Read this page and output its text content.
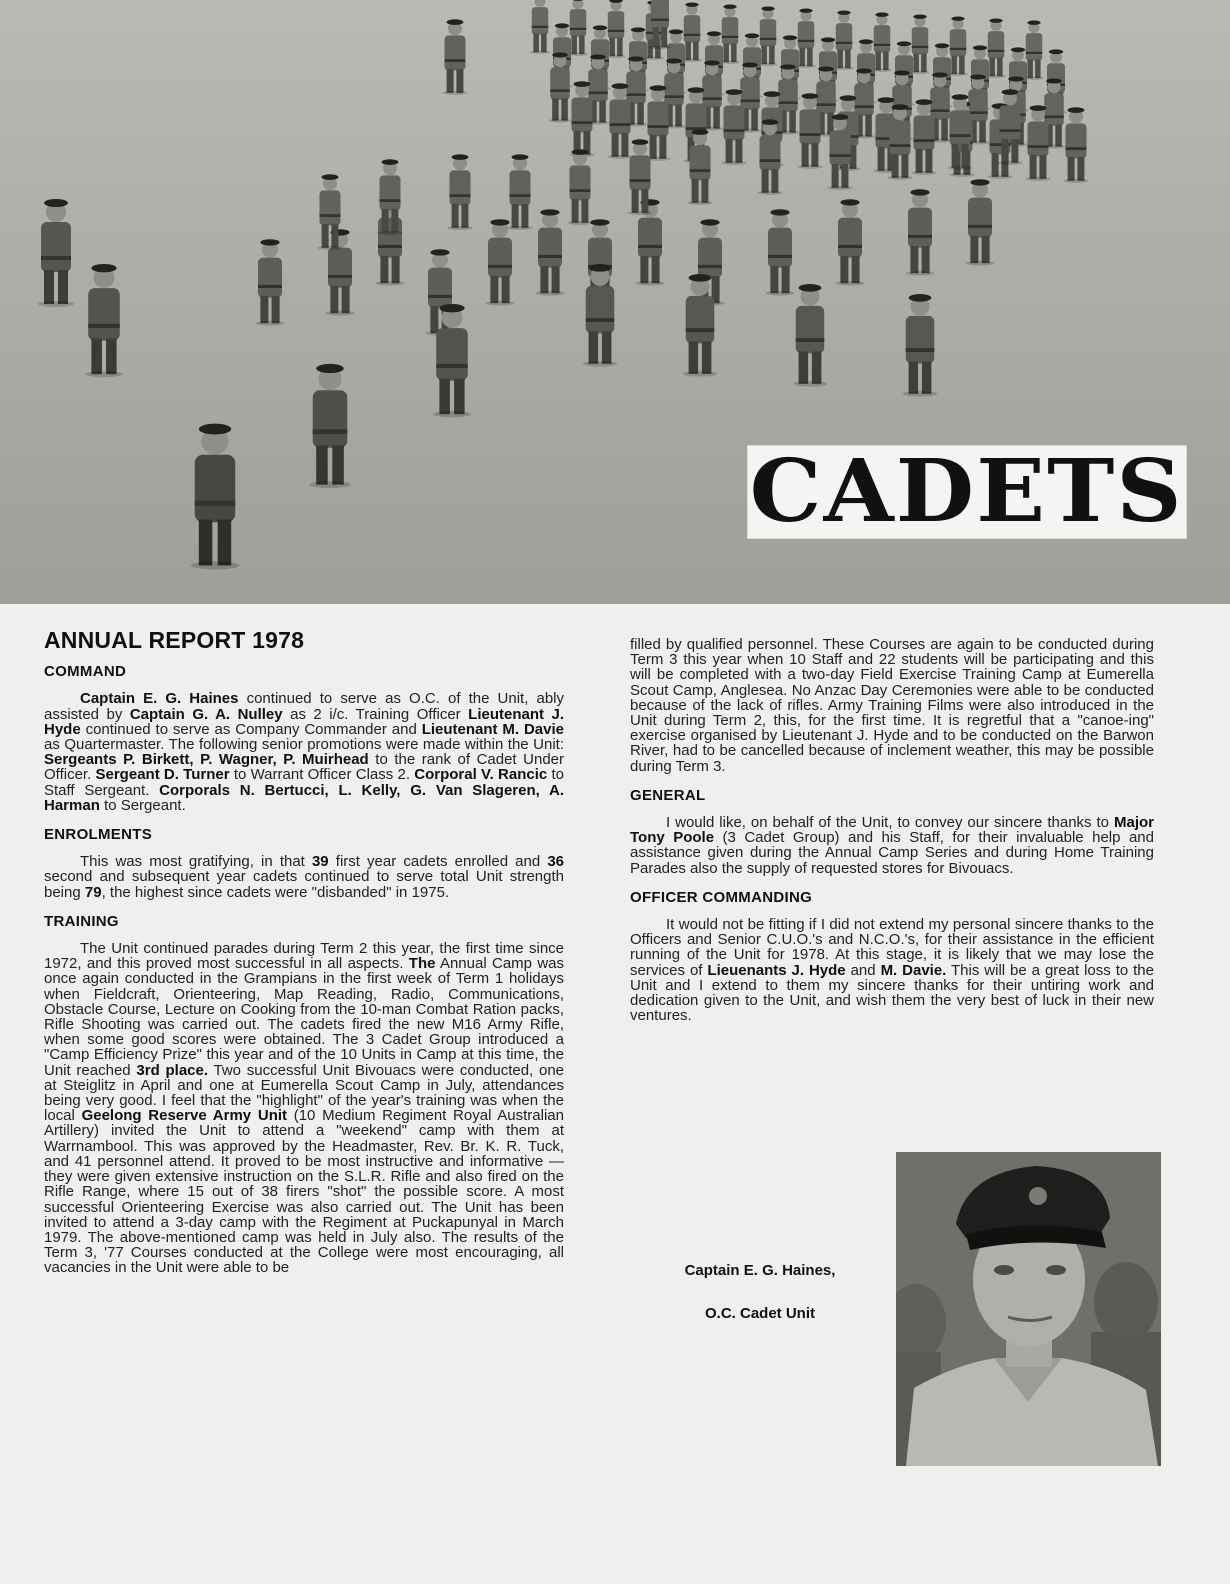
CADETS
ANNUAL REPORT 1978
COMMAND

Captain E. G. Haines continued to serve as O.C. of the Unit, ably assisted by Captain G. A. Nulley as 2 i/c. Training Officer Lieutenant J. Hyde continued to serve as Company Commander and Lieutenant M. Davie as Quartermaster. The following senior promotions were made within the Unit: Sergeants P. Birkett, P. Wagner, P. Muirhead to the rank of Cadet Under Officer. Sergeant D. Turner to Warrant Officer Class 2. Corporal V. Rancic to Staff Sergeant. Corporals N. Bertucci, L. Kelly, G. Van Slageren, A. Harman to Sergeant.

ENROLMENTS

This was most gratifying, in that 39 first year cadets enrolled and 36 second and subsequent year cadets continued to serve total Unit strength being 79, the highest since cadets were "disbanded" in 1975.

TRAINING

The Unit continued parades during Term 2 this year, the first time since 1972, and this proved most successful in all aspects. The Annual Camp was once again conducted in the Grampians in the first week of Term 1 holidays when Fieldcraft, Orienteering, Map Reading, Radio, Communications, Obstacle Course, Lecture on Cooking from the 10-man Combat Ration packs, Rifle Shooting was carried out. The cadets fired the new M16 Army Rifle, when some good scores were obtained. The 3 Cadet Group introduced a "Camp Efficiency Prize" this year and of the 10 Units in Camp at this time, the Unit reached 3rd place. Two successful Unit Bivouacs were conducted, one at Steiglitz in April and one at Eumerella Scout Camp in July, attendances being very good. I feel that the "highlight" of the year's training was when the local Geelong Reserve Army Unit (10 Medium Regiment Royal Australian Artillery) invited the Unit to attend a "weekend" camp with them at Warrnambool. This was approved by the Headmaster, Rev. Br. K. R. Tuck, and 41 personnel attend. It proved to be most instructive and informative — they were given extensive instruction on the S.L.R. Rifle and also fired on the Rifle Range, where 15 out of 38 firers "shot" the possible score. A most successful Orienteering Exercise was also carried out. The Unit has been invited to attend a 3-day camp with the Regiment at Puckapunyal in March 1979. The above-mentioned camp was held in July also. The results of the Term 3, '77 Courses conducted at the College were most encouraging, all vacancies in the Unit were able to be

filled by qualified personnel. These Courses are again to be conducted during Term 3 this year when 10 Staff and 22 students will be participating and this will be completed with a two-day Field Exercise Training Camp at Eumerella Scout Camp, Anglesea. No Anzac Day Ceremonies were able to be conducted because of the lack of rifles. Army Training Films were also introduced in the Unit during Term 2, this, for the first time. It is regretful that a "canoe-ing" exercise organised by Lieutenant J. Hyde and to be conducted on the Barwon River, had to be cancelled because of inclement weather, this may be possible during Term 3.

GENERAL

I would like, on behalf of the Unit, to convey our sincere thanks to Major Tony Poole (3 Cadet Group) and his Staff, for their invaluable help and assistance given during the Annual Camp Series and during Home Training Parades also the supply of requested stores for Bivouacs.

OFFICER COMMANDING

It would not be fitting if I did not extend my personal sincere thanks to the Officers and Senior C.U.O.'s and N.C.O.'s, for their assistance in the efficient running of the Unit for 1978. At this stage, it is likely that we may lose the services of Lieuenants J. Hyde and M. Davie. This will be a great loss to the Unit and I extend to them my sincere thanks for their untiring work and dedication given to the Unit, and wish them the very best of luck in their new ventures.

Captain E. G. Haines,
O.C. Cadet Unit
